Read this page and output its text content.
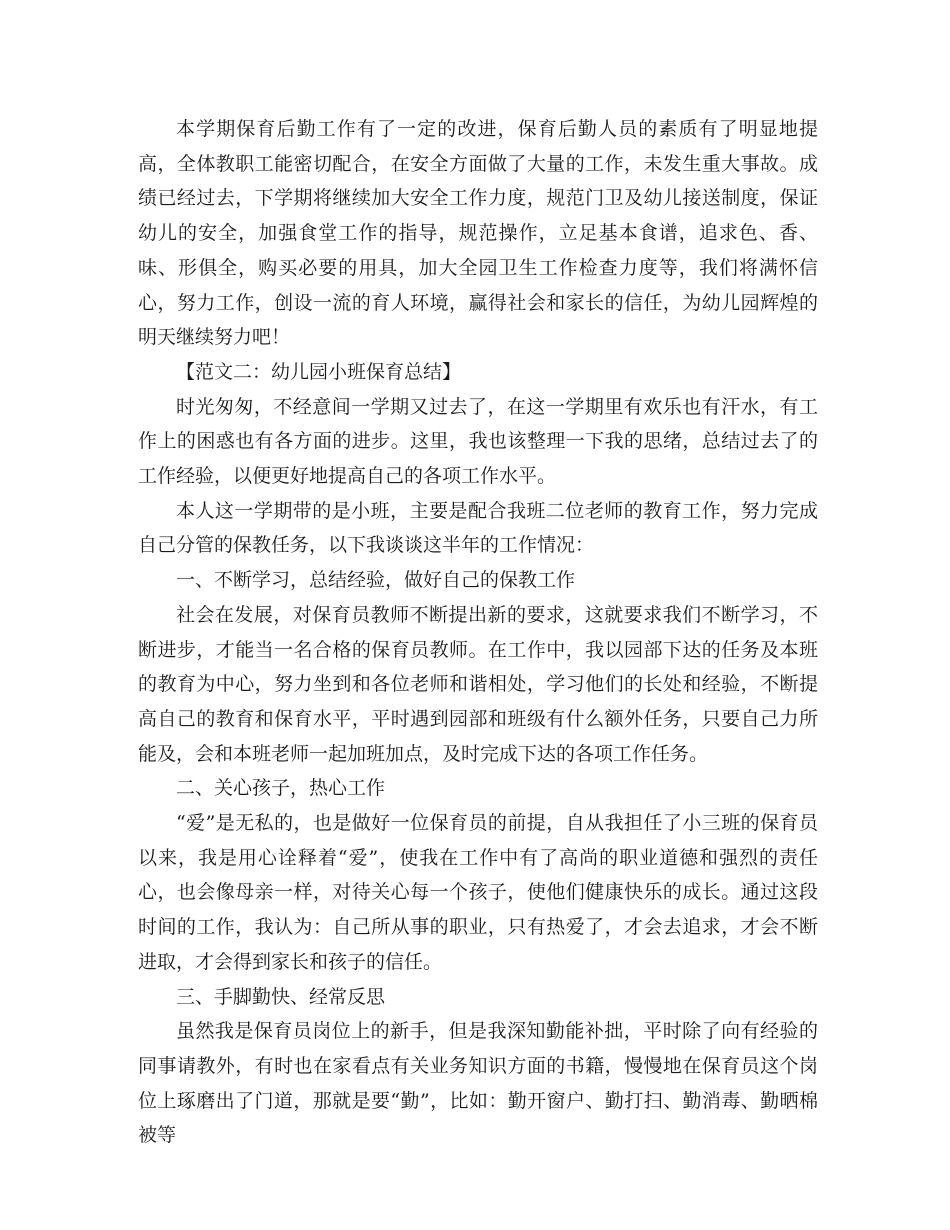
本学期保育后勤工作有了一定的改进，保育后勤人员的素质有了明显地提高，全体教职工能密切配合，在安全方面做了大量的工作，未发生重大事故。成绩已经过去，下学期将继续加大安全工作力度，规范门卫及幼儿接送制度，保证幼儿的安全，加强食堂工作的指导，规范操作，立足基本食谱，追求色、香、味、形俱全，购买必要的用具，加大全园卫生工作检查力度等，我们将满怀信心，努力工作，创设一流的育人环境，赢得社会和家长的信任，为幼儿园辉煌的明天继续努力吧！

【范文二：幼儿园小班保育总结】

时光匆匆，不经意间一学期又过去了，在这一学期里有欢乐也有汗水，有工作上的困惑也有各方面的进步。这里，我也该整理一下我的思绪，总结过去了的工作经验，以便更好地提高自己的各项工作水平。

本人这一学期带的是小班，主要是配合我班二位老师的教育工作，努力完成自己分管的保教任务，以下我谈谈这半年的工作情况：

一、不断学习，总结经验，做好自己的保教工作

社会在发展，对保育员教师不断提出新的要求，这就要求我们不断学习，不断进步，才能当一名合格的保育员教师。在工作中，我以园部下达的任务及本班的教育为中心，努力坐到和各位老师和谐相处，学习他们的长处和经验，不断提高自己的教育和保育水平，平时遇到园部和班级有什么额外任务，只要自己力所能及，会和本班老师一起加班加点，及时完成下达的各项工作任务。

二、关心孩子，热心工作

“爱”是无私的，也是做好一位保育员的前提，自从我担任了小三班的保育员以来，我是用心诠释着“爱”，使我在工作中有了高尚的职业道德和强烈的责任心，也会像母亲一样，对待关心每一个孩子，使他们健康快乐的成长。通过这段时间的工作，我认为：自己所从事的职业，只有热爱了，才会去追求，才会不断进取，才会得到家长和孩子的信任。

三、手脚勤快、经常反思

虽然我是保育员岗位上的新手，但是我深知勤能补拙，平时除了向有经验的同事请教外，有时也在家看点有关业务知识方面的书籍，慢慢地在保育员这个岗位上琢磨出了门道，那就是要“勤”，比如：勤开窗户、勤打扫、勤消毒、勤晒棉被等
